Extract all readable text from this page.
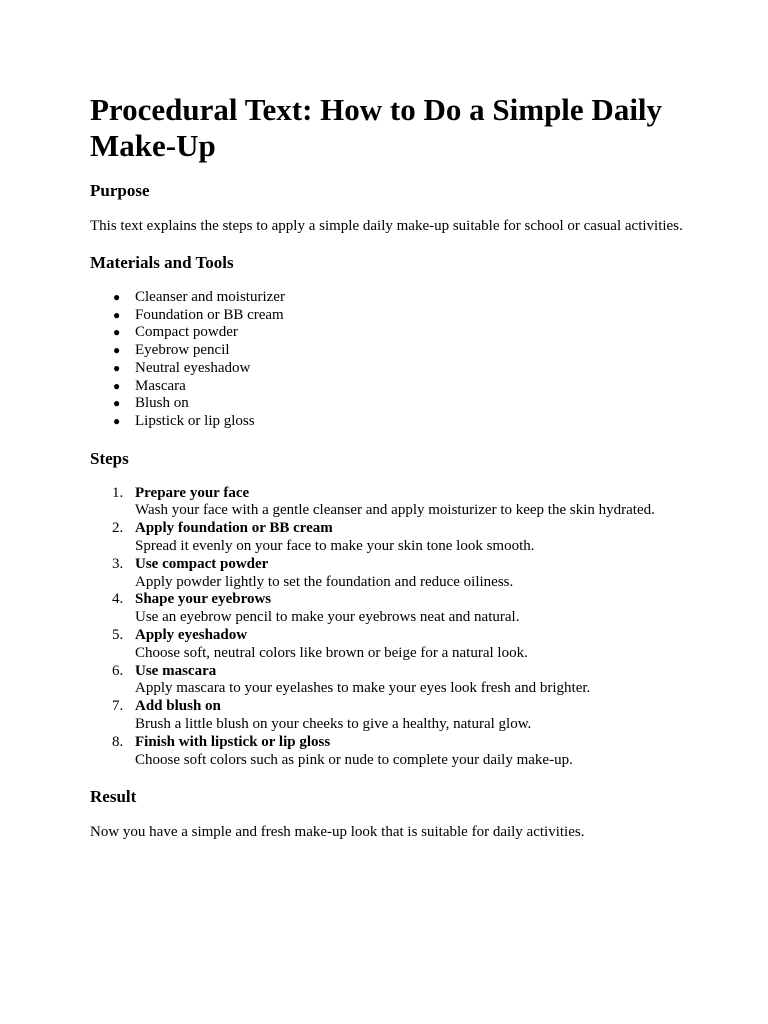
Procedural Text: How to Do a Simple Daily Make-Up
Purpose

This text explains the steps to apply a simple daily make-up suitable for school or casual activities.

Materials and Tools
● Cleanser and moisturizer
● Foundation or BB cream
● Compact powder
● Eyebrow pencil
● Neutral eyeshadow
● Mascara
● Blush on
● Lipstick or lip gloss
Steps
1. Prepare your face
Wash your face with a gentle cleanser and apply moisturizer to keep the skin hydrated.
2. Apply foundation or BB cream
Spread it evenly on your face to make your skin tone look smooth.
3. Use compact powder
Apply powder lightly to set the foundation and reduce oiliness.
4. Shape your eyebrows
Use an eyebrow pencil to make your eyebrows neat and natural.
5. Apply eyeshadow
Choose soft, neutral colors like brown or beige for a natural look.
6. Use mascara
Apply mascara to your eyelashes to make your eyes look fresh and brighter.
7. Add blush on
Brush a little blush on your cheeks to give a healthy, natural glow.
8. Finish with lipstick or lip gloss
Choose soft colors such as pink or nude to complete your daily make-up.
Result

Now you have a simple and fresh make-up look that is suitable for daily activities.
